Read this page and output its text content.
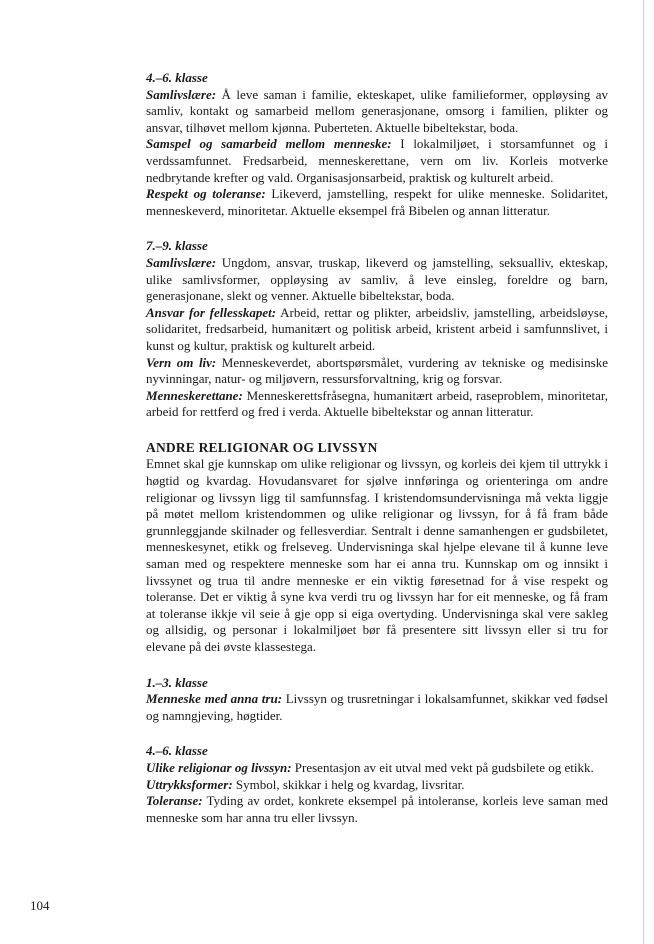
4.–6. klasse

Samlivslære: Å leve saman i familie, ekteskapet, ulike familieformer, oppløysing av samliv, kontakt og samarbeid mellom generasjonane, omsorg i familien, plikter og ansvar, tilhøvet mellom kjønna. Puberteten. Aktuelle bibeltekstar, boda.

Samspel og samarbeid mellom menneske: I lokalmiljøet, i storsamfunnet og i verdssamfunnet. Fredsarbeid, menneskerettane, vern om liv. Korleis motverke nedbrytande krefter og vald. Organisasjonsarbeid, praktisk og kulturelt arbeid.

Respekt og toleranse: Likeverd, jamstelling, respekt for ulike menneske. Solidaritet, menneskeverd, minoritetar. Aktuelle eksempel frå Bibelen og annan litteratur.

7.–9. klasse

Samlivslære: Ungdom, ansvar, truskap, likeverd og jamstelling, seksualliv, ekteskap, ulike samlivsformer, oppløysing av samliv, å leve einsleg, foreldre og barn, generasjonane, slekt og venner. Aktuelle bibeltekstar, boda.

Ansvar for fellesskapet: Arbeid, rettar og plikter, arbeidsliv, jamstelling, arbeidsløyse, solidaritet, fredsarbeid, humanitært og politisk arbeid, kristent arbeid i samfunnslivet, i kunst og kultur, praktisk og kulturelt arbeid.

Vern om liv: Menneskeverdet, abortspørsmålet, vurdering av tekniske og medisinske nyvinningar, natur- og miljøvern, ressursforvaltning, krig og forsvar.

Menneskerettane: Menneskerettsfråsegna, humanitært arbeid, raseproblem, minoritetar, arbeid for rettferd og fred i verda. Aktuelle bibeltekstar og annan litteratur.

ANDRE RELIGIONAR OG LIVSSYN

Emnet skal gje kunnskap om ulike religionar og livssyn, og korleis dei kjem til uttrykk i høgtid og kvardag. Hovudansvaret for sjølve innføringa og orienteringa om andre religionar og livssyn ligg til samfunnsfag. I kristendomsundervisninga må vekta liggje på møtet mellom kristendommen og ulike religionar og livssyn, for å få fram både grunnleggjande skilnader og fellesverdiar. Sentralt i denne samanhengen er gudsbiletet, menneskesynet, etikk og frelseveg. Undervisninga skal hjelpe elevane til å kunne leve saman med og respektere menneske som har ei anna tru. Kunnskap om og innsikt i livssynet og trua til andre menneske er ein viktig føresetnad for å vise respekt og toleranse. Det er viktig å syne kva verdi tru og livssyn har for eit menneske, og få fram at toleranse ikkje vil seie å gje opp si eiga overtyding. Undervisninga skal vere sakleg og allsidig, og personar i lokalmiljøet bør få presentere sitt livssyn eller si tru for elevane på dei øvste klassestega.

1.–3. klasse

Menneske med anna tru: Livssyn og trusretningar i lokalsamfunnet, skikkar ved fødsel og namngjeving, høgtider.

4.–6. klasse

Ulike religionar og livssyn: Presentasjon av eit utval med vekt på gudsbilete og etikk.

Uttrykksformer: Symbol, skikkar i helg og kvardag, livsritar.

Toleranse: Tyding av ordet, konkrete eksempel på intoleranse, korleis leve saman med menneske som har anna tru eller livssyn.

104
